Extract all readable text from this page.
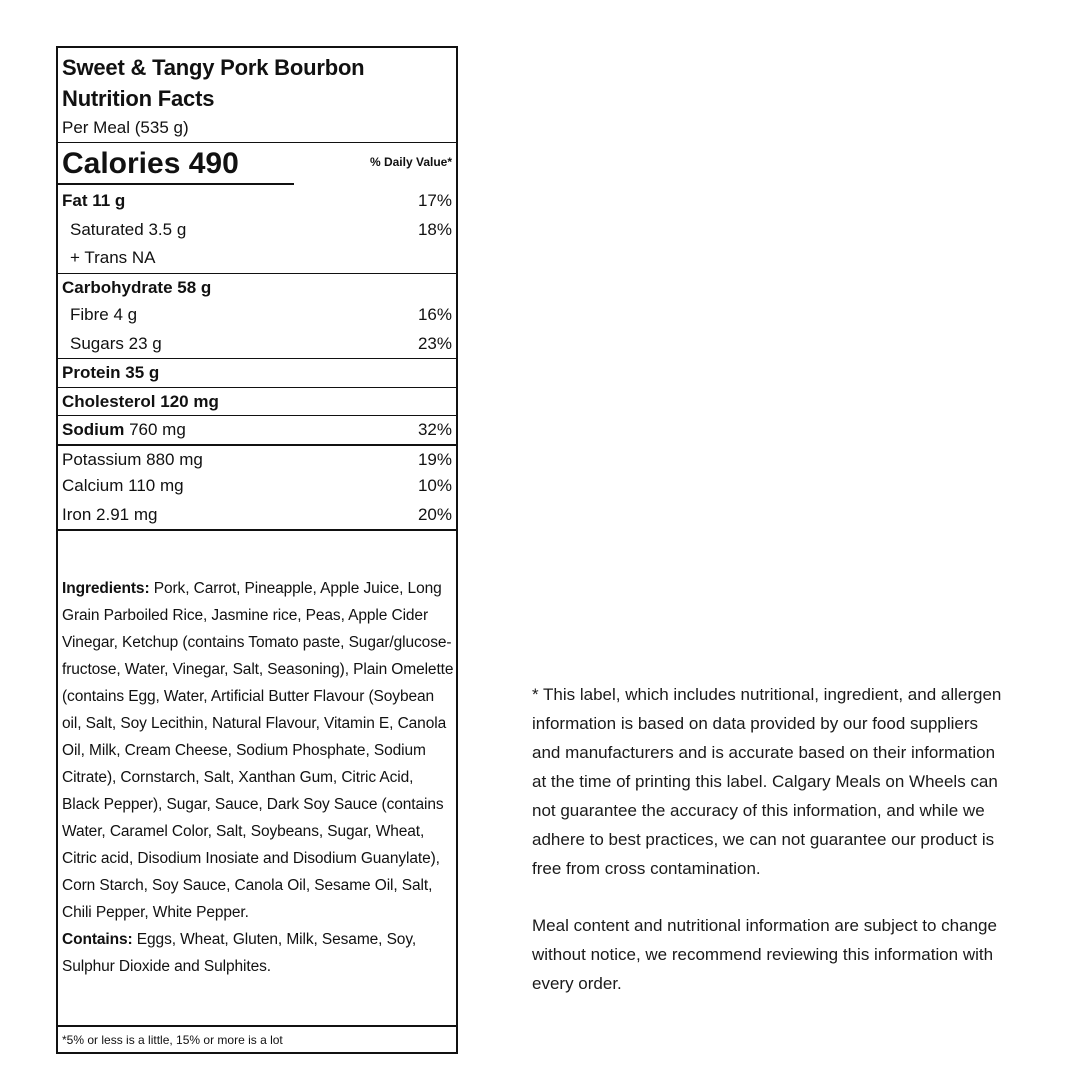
Sweet & Tangy Pork Bourbon
Nutrition Facts
Per Meal (535 g)
Calories 490	% Daily Value*
Fat 11 g	17%
Saturated 3.5 g	18%
+ Trans NA
Carbohydrate 58 g
Fibre 4 g	16%
Sugars 23 g	23%
Protein 35 g
Cholesterol 120 mg
Sodium 760 mg	32%
Potassium 880 mg	19%
Calcium 110 mg	10%
Iron 2.91 mg	20%
Ingredients: Pork, Carrot, Pineapple, Apple Juice, Long Grain Parboiled Rice, Jasmine rice, Peas, Apple Cider Vinegar, Ketchup (contains Tomato paste, Sugar/glucose-fructose, Water, Vinegar, Salt, Seasoning), Plain Omelette (contains Egg, Water, Artificial Butter Flavour (Soybean oil, Salt, Soy Lecithin, Natural Flavour, Vitamin E, Canola Oil, Milk, Cream Cheese, Sodium Phosphate, Sodium Citrate), Cornstarch, Salt, Xanthan Gum, Citric Acid, Black Pepper), Sugar, Sauce, Dark Soy Sauce (contains Water, Caramel Color, Salt, Soybeans, Sugar, Wheat, Citric acid, Disodium Inosiate and Disodium Guanylate), Corn Starch, Soy Sauce, Canola Oil, Sesame Oil, Salt, Chili Pepper, White Pepper.
Contains: Eggs, Wheat, Gluten, Milk, Sesame, Soy, Sulphur Dioxide and Sulphites.
*5% or less is a little, 15% or more is a lot

* This label, which includes nutritional, ingredient, and allergen information is based on data provided by our food suppliers and manufacturers and is accurate based on their information at the time of printing this label. Calgary Meals on Wheels can not guarantee the accuracy of this information, and while we adhere to best practices, we can not guarantee our product is free from cross contamination.

Meal content and nutritional information are subject to change without notice, we recommend reviewing this information with every order.
